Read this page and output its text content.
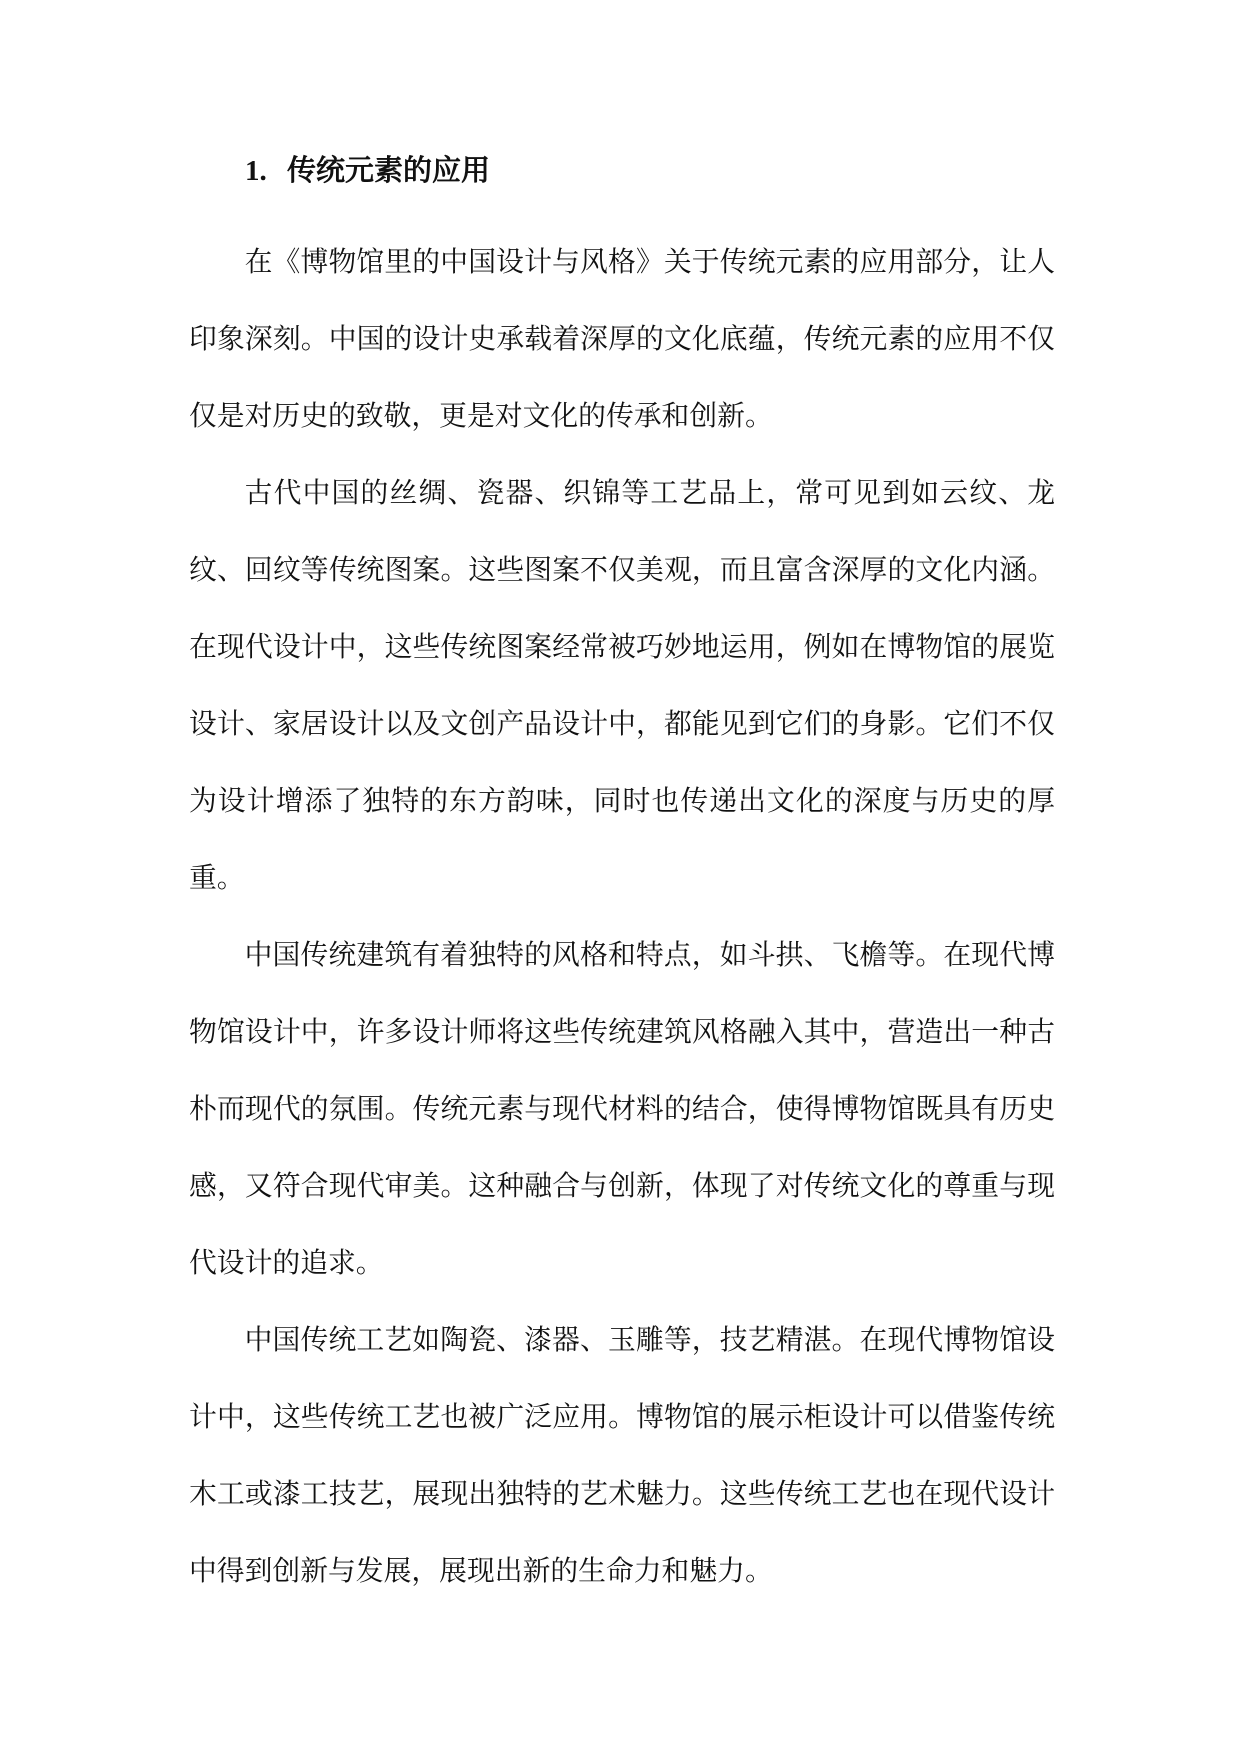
1. 传统元素的应用

在《博物馆里的中国设计与风格》关于传统元素的应用部分，让人印象深刻。中国的设计史承载着深厚的文化底蕴，传统元素的应用不仅仅是对历史的致敬，更是对文化的传承和创新。

古代中国的丝绸、瓷器、织锦等工艺品上，常可见到如云纹、龙纹、回纹等传统图案。这些图案不仅美观，而且富含深厚的文化内涵。在现代设计中，这些传统图案经常被巧妙地运用，例如在博物馆的展览设计、家居设计以及文创产品设计中，都能见到它们的身影。它们不仅为设计增添了独特的东方韵味，同时也传递出文化的深度与历史的厚重。

中国传统建筑有着独特的风格和特点，如斗拱、飞檐等。在现代博物馆设计中，许多设计师将这些传统建筑风格融入其中，营造出一种古朴而现代的氛围。传统元素与现代材料的结合，使得博物馆既具有历史感，又符合现代审美。这种融合与创新，体现了对传统文化的尊重与现代设计的追求。

中国传统工艺如陶瓷、漆器、玉雕等，技艺精湛。在现代博物馆设计中，这些传统工艺也被广泛应用。博物馆的展示柜设计可以借鉴传统木工或漆工技艺，展现出独特的艺术魅力。这些传统工艺也在现代设计中得到创新与发展，展现出新的生命力和魅力。
